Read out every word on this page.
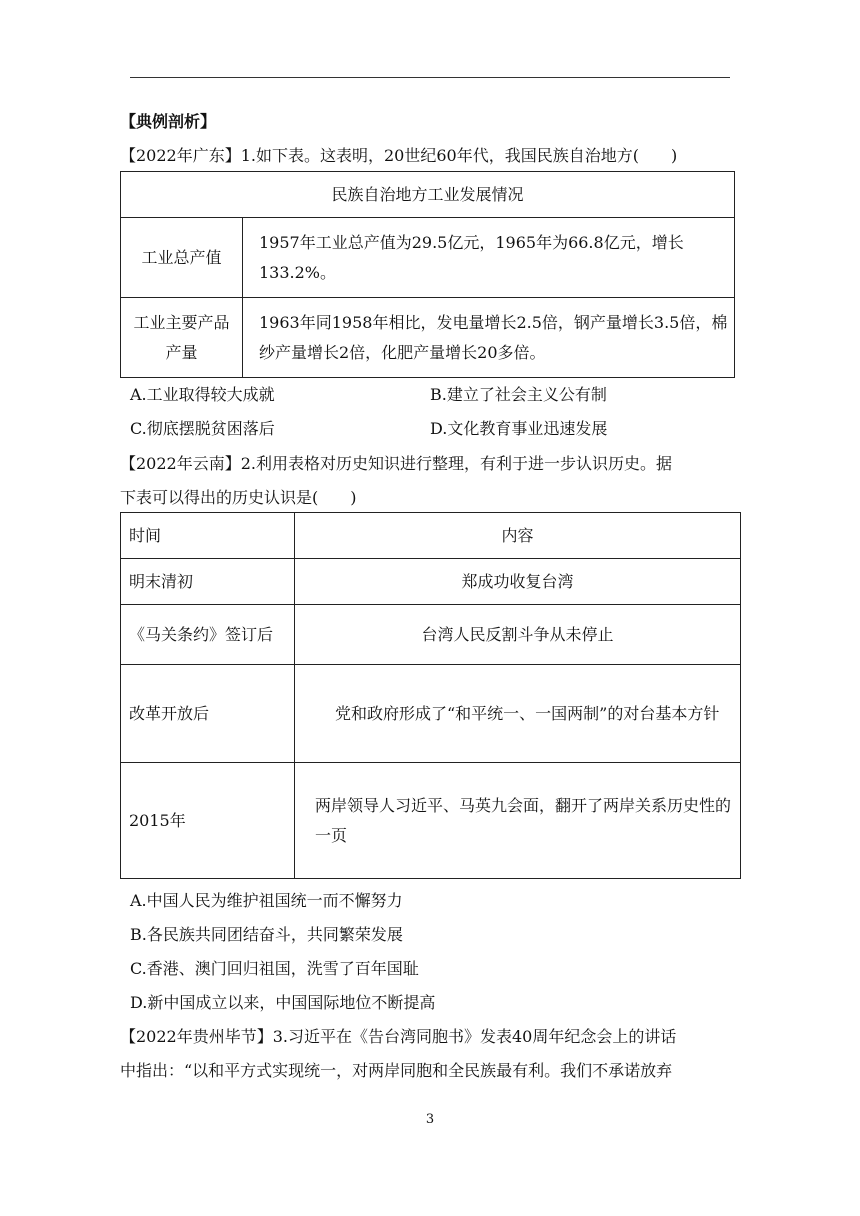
【典例剖析】
【2022年广东】1.如下表。这表明，20世纪60年代，我国民族自治地方(　　)
民族自治地方工业发展情况	
工业总产值	1957年工业总产值为29.5亿元，1965年为66.8亿元，增长133.2%。
工业主要产品产量	1963年同1958年相比，发电量增长2.5倍，钢产量增长3.5倍，棉纱产量增长2倍，化肥产量增长20多倍。
A.工业取得较大成就	B.建立了社会主义公有制
C.彻底摆脱贫困落后	D.文化教育事业迅速发展
【2022年云南】2.利用表格对历史知识进行整理，有利于进一步认识历史。据
下表可以得出的历史认识是(　　)
时间	内容
明末清初	郑成功收复台湾
《马关条约》签订后	台湾人民反割斗争从未停止
改革开放后	党和政府形成了“和平统一、一国两制”的对台基本方针
2015年	两岸领导人习近平、马英九会面，翻开了两岸关系历史性的一页
A.中国人民为维护祖国统一而不懈努力
B.各民族共同团结奋斗，共同繁荣发展
C.香港、澳门回归祖国，洗雪了百年国耻
D.新中国成立以来，中国国际地位不断提高
【2022年贵州毕节】3.习近平在《告台湾同胞书》发表40周年纪念会上的讲话
中指出：“以和平方式实现统一，对两岸同胞和全民族最有利。我们不承诺放弃
3
